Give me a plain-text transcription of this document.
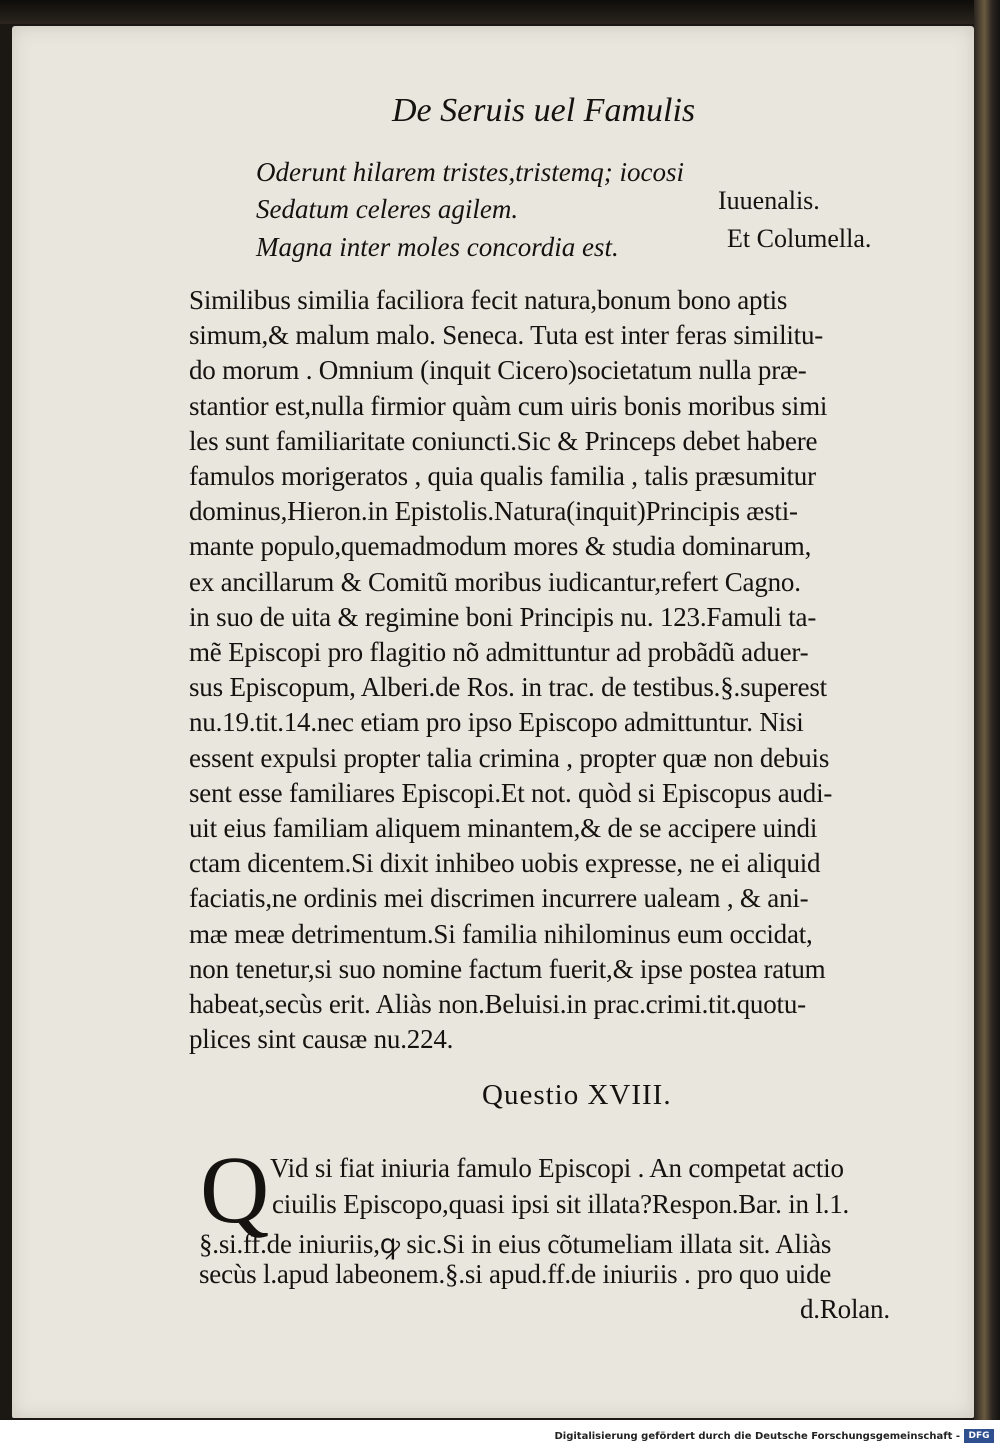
De Seruis uel Famulis
Oderunt hilarem tristes,tristemq; iocosi
Sedatum celeres agilem.
Magna inter moles concordia est.
Iuuenalis.
Et Columella.
Similibus similia faciliora fecit natura,bonum bono aptis
simum,& malum malo. Seneca. Tuta est inter feras similitu-
do morum . Omnium (inquit Cicero)societatum nulla præ-
stantior est,nulla firmior quàm cum uiris bonis moribus simi
les sunt familiaritate coniuncti.Sic & Princeps debet habere
famulos morigeratos , quia qualis familia , talis præsumitur
dominus,Hieron.in Epistolis.Natura(inquit)Principis æsti-
mante populo,quemadmodum mores & studia dominarum,
ex ancillarum & Comitũ moribus iudicantur,refert Cagno.
in suo de uita & regimine boni Principis nu. 123.Famuli ta-
mẽ Episcopi pro flagitio nõ admittuntur ad probãdũ aduer-
sus Episcopum, Alberi.de Ros. in trac. de testibus.§.superest
nu.19.tit.14.nec etiam pro ipso Episcopo admittuntur. Nisi
essent expulsi propter talia crimina , propter quæ non debuis
sent esse familiares Episcopi.Et not. quòd si Episcopus audi-
uit eius familiam aliquem minantem,& de se accipere uindi
ctam dicentem.Si dixit inhibeo uobis expresse, ne ei aliquid
faciatis,ne ordinis mei discrimen incurrere ualeam , & ani-
mæ meæ detrimentum.Si familia nihilominus eum occidat,
non tenetur,si suo nomine factum fuerit,& ipse postea ratum
habeat,secùs erit. Aliàs non.Beluisi.in prac.crimi.tit.quotu-
plices sint causæ nu.224.
Questio XVIII.
Q Vid si fiat iniuria famulo Episcopi . An competat actio
ciuilis Episcopo,quasi ipsi sit illata?Respon.Bar. in l.1.
§.si.ff.de iniuriis,ꝙ sic.Si in eius cõtumeliam illata sit. Aliàs
secùs l.apud labeonem.§.si apud.ff.de iniuriis . pro quo uide
d.Rolan.
Digitalisierung gefördert durch die Deutsche Forschungsgemeinschaft - DFG
